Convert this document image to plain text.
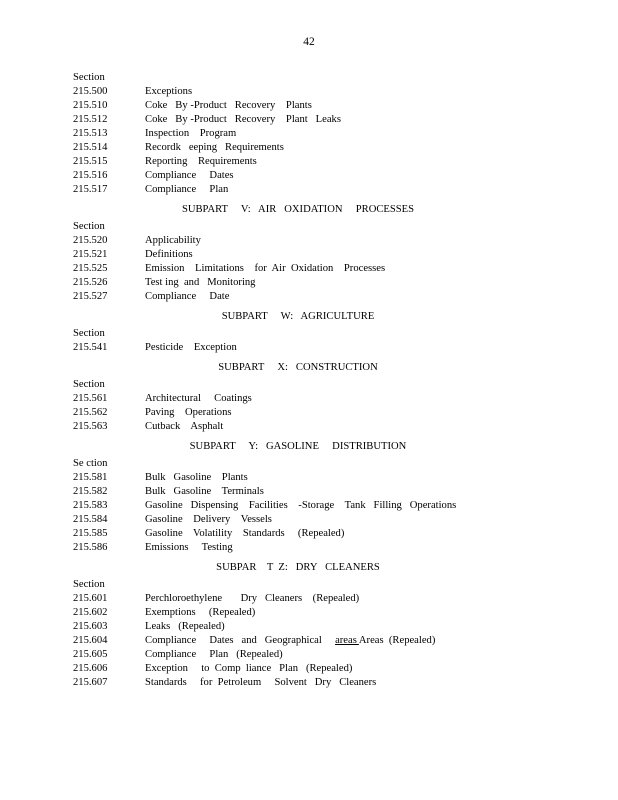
42
Section
215.500	Exceptions
215.510	Coke   By -Product   Recovery    Plants
215.512	Coke   By -Product   Recovery    Plant   Leaks
215.513	Inspection    Program
215.514	Recordk   eeping   Requirements
215.515	Reporting    Requirements
215.516	Compliance     Dates
215.517	Compliance     Plan
SUBPART     V:   AIR   OXIDATION     PROCESSES
Section
215.520	Applicability
215.521	Definitions
215.525	Emission    Limitations    for  Air  Oxidation    Processes
215.526	Test ing  and   Monitoring
215.527	Compliance     Date
SUBPART     W:   AGRICULTURE
Section
215.541	Pesticide    Exception
SUBPART     X:   CONSTRUCTION
Section
215.561	Architectural     Coatings
215.562	Paving    Operations
215.563	Cutback    Asphalt
SUBPART     Y:   GASOLINE     DISTRIBUTION
Se ction
215.581	Bulk   Gasoline    Plants
215.582	Bulk   Gasoline    Terminals
215.583	Gasoline   Dispensing    Facilities    -Storage    Tank   Filling   Operations
215.584	Gasoline    Delivery    Vessels
215.585	Gasoline    Volatility    Standards     (Repealed)
215.586	Emissions     Testing
SUBPAR    T  Z:   DRY   CLEANERS
Section
215.601	Perchloroethylene       Dry   Cleaners    (Repealed)
215.602	Exemptions     (Repealed)
215.603	Leaks   (Repealed)
215.604	Compliance     Dates   and   Geographical areas Areas  (Repealed)
215.605	Compliance     Plan   (Repealed)
215.606	Exception     to  Comp  liance   Plan   (Repealed)
215.607	Standards     for  Petroleum     Solvent   Dry   Cleaners
